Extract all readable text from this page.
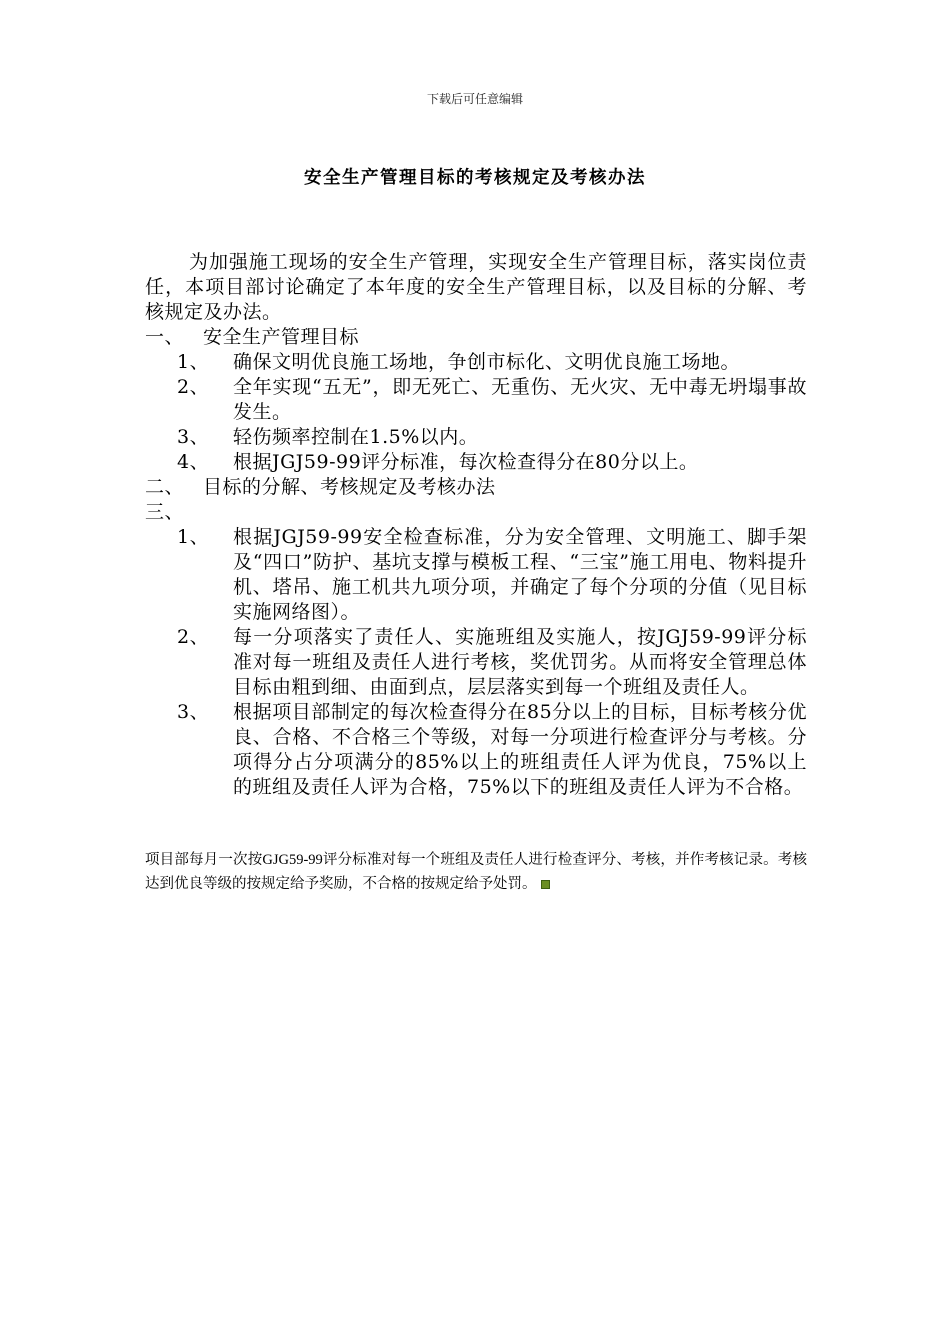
下载后可任意编辑
安全生产管理目标的考核规定及考核办法

为加强施工现场的安全生产管理，实现安全生产管理目标，落实岗位责任，本项目部讨论确定了本年度的安全生产管理目标，以及目标的分解、考核规定及办法。

一、 安全生产管理目标
1、	确保文明优良施工场地，争创市标化、文明优良施工场地。
2、	全年实现“五无”，即无死亡、无重伤、无火灾、无中毒无坍塌事故发生。
3、	轻伤频率控制在1.5%以内。
4、	根据JGJ59-99评分标准，每次检查得分在80分以上。
二、 目标的分解、考核规定及考核办法
三、
1、	根据JGJ59-99安全检查标准，分为安全管理、文明施工、脚手架及“四口”防护、基坑支撑与模板工程、“三宝”施工用电、物料提升机、塔吊、施工机共九项分项，并确定了每个分项的分值（见目标实施网络图）。
2、	每一分项落实了责任人、实施班组及实施人，按JGJ59-99评分标准对每一班组及责任人进行考核，奖优罚劣。从而将安全管理总体目标由粗到细、由面到点，层层落实到每一个班组及责任人。
3、	根据项目部制定的每次检查得分在85分以上的目标，目标考核分优良、合格、不合格三个等级，对每一分项进行检查评分与考核。分项得分占分项满分的85%以上的班组责任人评为优良，75%以上的班组及责任人评为合格，75%以下的班组及责任人评为不合格。
项目部每月一次按GJG59-99评分标准对每一个班组及责任人进行检查评分、考核，并作考核记录。考核达到优良等级的按规定给予奖励，不合格的按规定给予处罚。
